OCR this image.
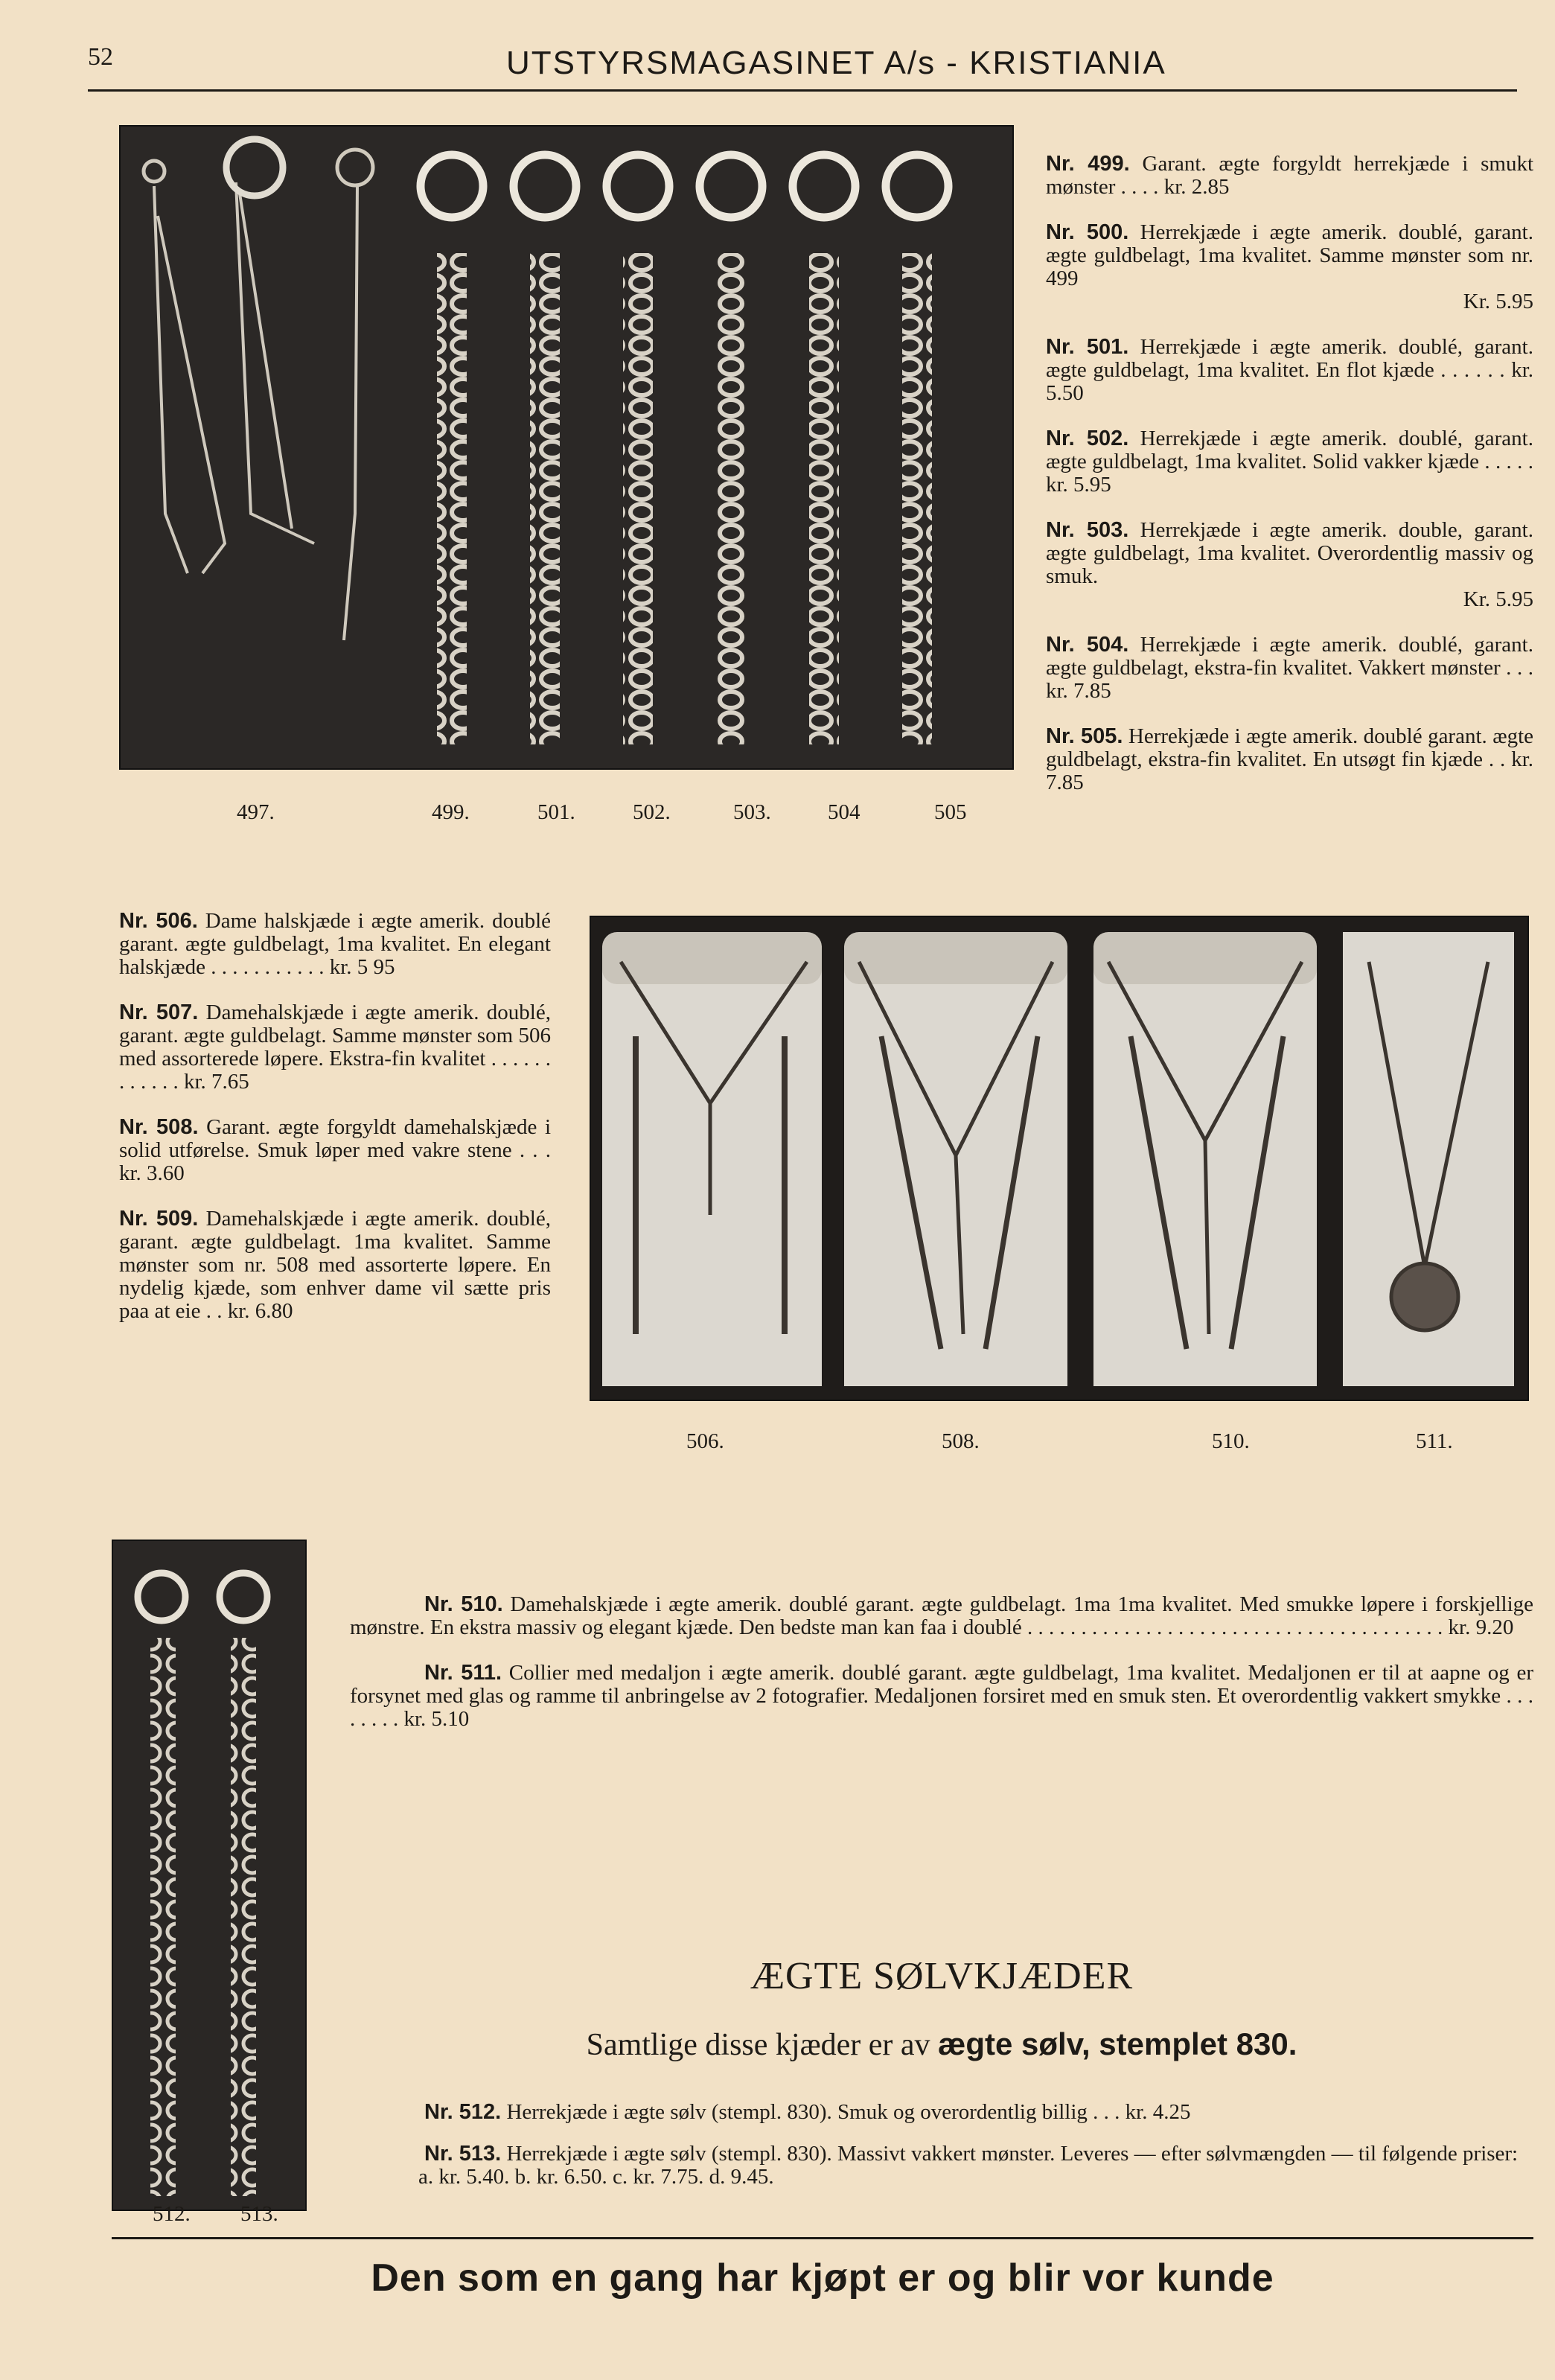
52	UTSTYRSMAGASINET A/s - KRISTIANIA
497.	499.	501.	502.	503.	504	505

Nr. 499. Garant. ægte forgyldt herrekjæde i smukt mønster . . . . kr. 2.85

Nr. 500. Herrekjæde i ægte amerik. doublé, garant. ægte guldbelagt, 1ma kvalitet. Samme mønster som nr. 499
Kr. 5.95

Nr. 501. Herrekjæde i ægte amerik. doublé, garant. ægte guldbelagt, 1ma kvalitet. En flot kjæde . . . . . . kr. 5.50

Nr. 502. Herrekjæde i ægte amerik. doublé, garant. ægte guldbelagt, 1ma kvalitet. Solid vakker kjæde . . . . . kr. 5.95

Nr. 503. Herrekjæde i ægte amerik. double, garant. ægte guldbelagt, 1ma kvalitet. Overordentlig massiv og smuk.
Kr. 5.95

Nr. 504. Herrekjæde i ægte amerik. doublé, garant. ægte guldbelagt, ekstra-fin kvalitet. Vakkert mønster . . . kr. 7.85

Nr. 505. Herrekjæde i ægte amerik. doublé garant. ægte guldbelagt, ekstra-fin kvalitet. En utsøgt fin kjæde . . kr. 7.85

Nr. 506. Dame halskjæde i ægte amerik. doublé garant. ægte guldbelagt, 1ma kvalitet. En elegant halskjæde . . . . . . . . . . . kr. 5 95

Nr. 507. Damehalskjæde i ægte amerik. doublé, garant. ægte guldbelagt. Samme mønster som 506 med assorterede løpere. Ekstra-fin kvalitet . . . . . . . . . . . . kr. 7.65

Nr. 508. Garant. ægte forgyldt damehalskjæde i solid utførelse. Smuk løper med vakre stene . . . kr. 3.60

Nr. 509. Damehalskjæde i ægte amerik. doublé, garant. ægte guldbelagt. 1ma kvalitet. Samme mønster som nr. 508 med assorterte løpere. En nydelig kjæde, som enhver dame vil sætte pris paa at eie . . kr. 6.80

506.	508.	510.	511.

Nr. 510. Damehalskjæde i ægte amerik. doublé garant. ægte guldbelagt. 1ma 1ma kvalitet. Med smukke løpere i forskjellige mønstre. En ekstra massiv og elegant kjæde. Den bedste man kan faa i doublé . . . . . . . . . . . . . . . . . . . . . . . . . . . . . . . . . . . . . . . kr. 9.20

Nr. 511. Collier med medaljon i ægte amerik. doublé garant. ægte guldbelagt, 1ma kvalitet. Medaljonen er til at aapne og er forsynet med glas og ramme til anbringelse av 2 fotografier. Medaljonen forsiret med en smuk sten. Et overordentlig vakkert smykke . . . . . . . . kr. 5.10

ÆGTE SØLVKJÆDER
Samtlige disse kjæder er av ægte sølv, stemplet 830.

Nr. 512. Herrekjæde i ægte sølv (stempl. 830). Smuk og overordentlig billig . . . kr. 4.25

Nr. 513. Herrekjæde i ægte sølv (stempl. 830). Massivt vakkert mønster. Leveres — efter sølvmængden — til følgende priser:

a. kr. 5.40. b. kr. 6.50. c. kr. 7.75. d. 9.45.
512. 513.
Den som en gang har kjøpt er og blir vor kunde
